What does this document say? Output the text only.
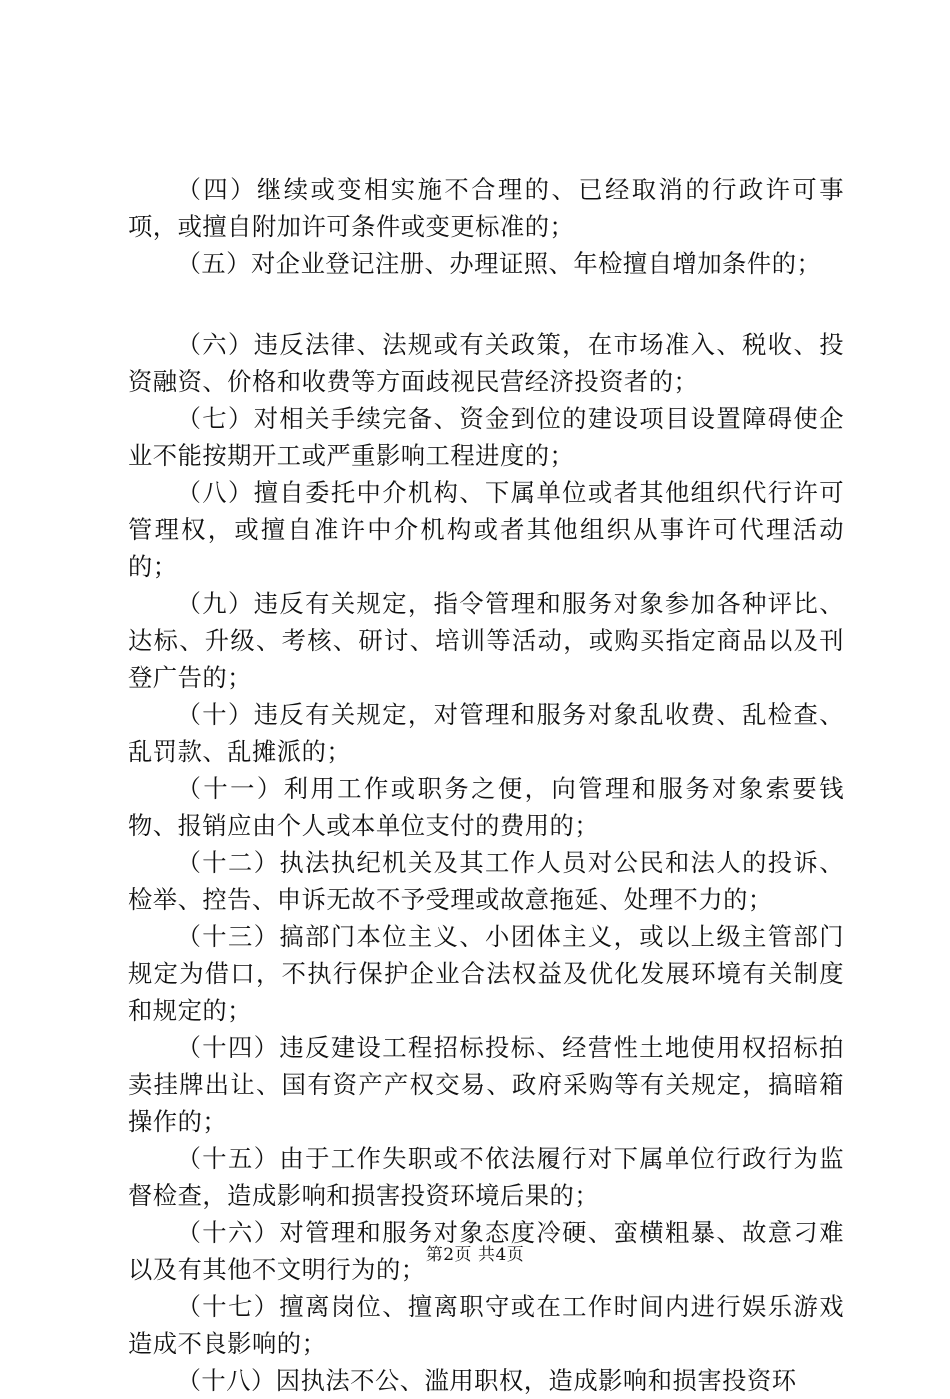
（四）继续或变相实施不合理的、已经取消的行政许可事项，或擅自附加许可条件或变更标准的；

（五）对企业登记注册、办理证照、年检擅自增加条件的；

（六）违反法律、法规或有关政策，在市场准入、税收、投资融资、价格和收费等方面歧视民营经济投资者的；

（七）对相关手续完备、资金到位的建设项目设置障碍使企业不能按期开工或严重影响工程进度的；

（八）擅自委托中介机构、下属单位或者其他组织代行许可管理权，或擅自准许中介机构或者其他组织从事许可代理活动的；

（九）违反有关规定，指令管理和服务对象参加各种评比、达标、升级、考核、研讨、培训等活动，或购买指定商品以及刊登广告的；

（十）违反有关规定，对管理和服务对象乱收费、乱检查、乱罚款、乱摊派的；

（十一）利用工作或职务之便，向管理和服务对象索要钱物、报销应由个人或本单位支付的费用的；

（十二）执法执纪机关及其工作人员对公民和法人的投诉、检举、控告、申诉无故不予受理或故意拖延、处理不力的；

（十三）搞部门本位主义、小团体主义，或以上级主管部门规定为借口，不执行保护企业合法权益及优化发展环境有关制度和规定的；

（十四）违反建设工程招标投标、经营性土地使用权招标拍卖挂牌出让、国有资产产权交易、政府采购等有关规定，搞暗箱操作的；

（十五）由于工作失职或不依法履行对下属单位行政行为监督检查，造成影响和损害投资环境后果的；

（十六）对管理和服务对象态度冷硬、蛮横粗暴、故意刁难以及有其他不文明行为的；

（十七）擅离岗位、擅离职守或在工作时间内进行娱乐游戏造成不良影响的；

（十八）因执法不公、滥用职权，造成影响和损害投资环

第2页 共4页
